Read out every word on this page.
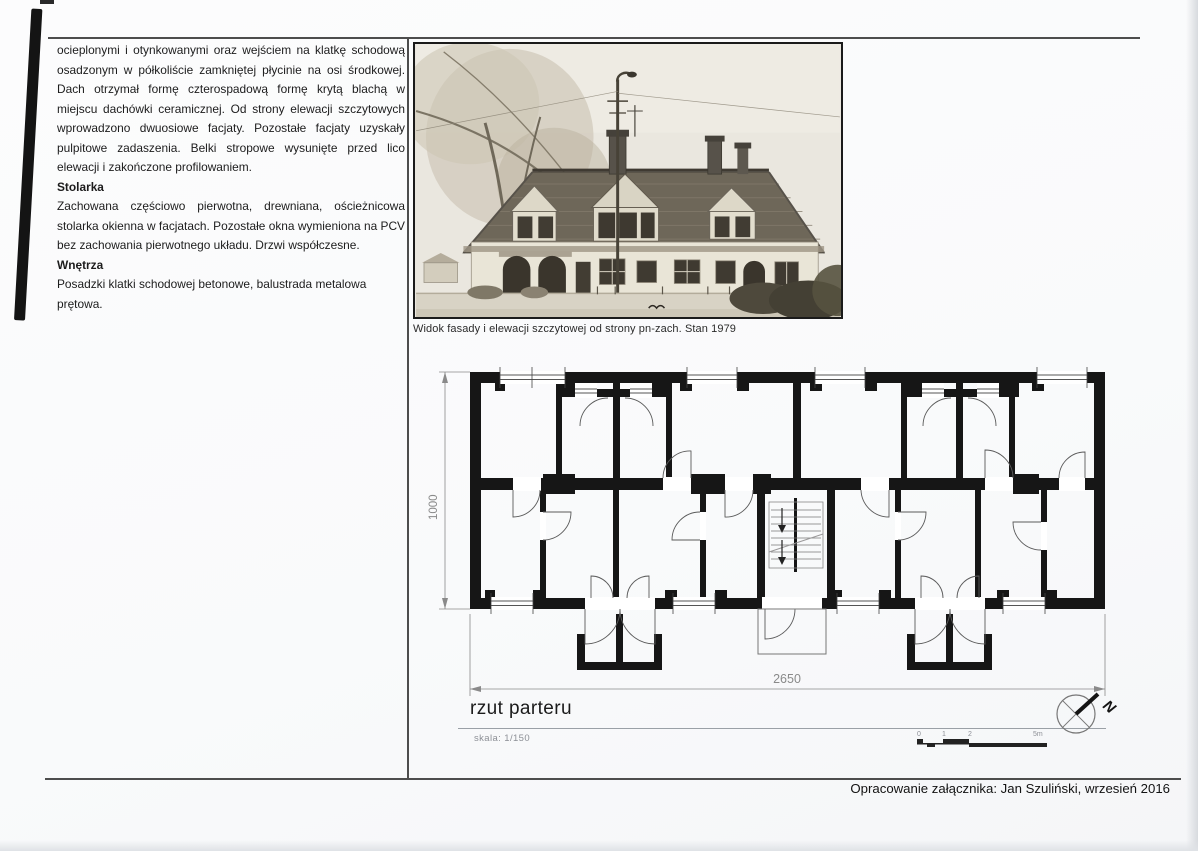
ocieplonymi i otynkowanymi oraz wejściem na klatkę schodową osadzonym w półkoliście zamkniętej płycinie na osi środkowej. Dach otrzymał formę czterospadową formę krytą blachą w miejscu dachówki ceramicznej. Od strony elewacji szczytowych wprowadzono dwuosiowe facjaty. Pozostałe facjaty uzyskały pulpitowe zadaszenia. Belki stropowe wysunięte przed lico elewacji i zakończone profilowaniem.

Stolarka

Zachowana częściowo pierwotna, drewniana, ościeżnicowa stolarka okienna w facjatach. Pozostałe okna wymieniona na PCV bez zachowania pierwotnego układu. Drzwi współczesne.

Wnętrza

Posadzki klatki schodowej betonowe, balustrada metalowa prętowa.

Widok fasady i elewacji szczytowej od strony pn-zach. Stan 1979
1000
2650
rzut parteru
skala: 1/150	0	1	2	5m
N
Opracowanie załącznika: Jan Szuliński, wrzesień 2016
